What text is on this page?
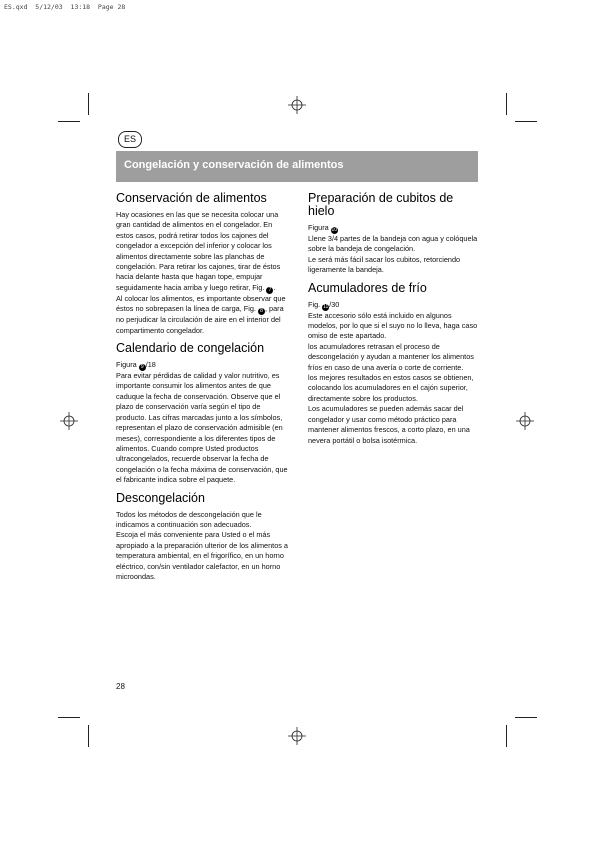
ES.qxd  5/12/03  13:18  Page 28
ES
Congelación y conservación de alimentos
Conservación de alimentos

Hay ocasiones en las que se necesita colocar una gran cantidad de alimentos en el congelador. En estos casos, podrá retirar todos los cajones del congelador a excepción del inferior y colocar los alimentos directamente sobre las planchas de congelación. Para retirar los cajones, tirar de éstos hacia delante hasta que hagan tope, empujar seguidamente hacia arriba y luego retirar, Fig. 7 .

Al colocar los alimentos, es importante observar que éstos no sobrepasen la línea de carga, Fig. 8 , para no perjudicar la circulación de aire en el interior del compartimento congelador.

Calendario de congelación

Figura 9 /18

Para evitar pérdidas de calidad y valor nutritivo, es importante consumir los alimentos antes de que caduque la fecha de conservación. Observe que el plazo de conservación varía según el tipo de producto. Las cifras marcadas junto a los símbolos, representan el plazo de conservación admisible (en meses), correspondiente a los diferentes tipos de alimentos. Cuando compre Usted productos ultracongelados, recuerde observar la fecha de congelación o la fecha máxima de conservación, que el fabricante indica sobre el paquete.

Descongelación

Todos los métodos de descongelación que le indicamos a continuación son adecuados.

Escoja el más conveniente para Usted o el más apropiado a la preparación ulterior de los alimentos a temperatura ambiental, en el frigorífico, en un horno eléctrico, con/sin ventilador calefactor, en un horno microondas.

Preparación de cubitos de hielo

Figura 10

Llene 3/4 partes de la bandeja con agua y colóquela sobre la bandeja de congelación.

Le será más fácil sacar los cubitos, retorciendo ligeramente la bandeja.

Acumuladores de frío

Fig. 11/30

Este accesorio sólo está incluido en algunos modelos, por lo que si el suyo no lo lleva, haga caso omiso de este apartado.

los acumuladores retrasan el proceso de descongelación y ayudan a mantener los alimentos fríos en caso de una avería o corte de corriente.

los mejores resultados en estos casos se obtienen, colocando los acumuladores en el cajón superior, directamente sobre los productos.

Los acumuladores se pueden además sacar del congelador y usar como método práctico para mantener alimentos frescos, a corto plazo, en una nevera portátil o bolsa isotérmica.

28
